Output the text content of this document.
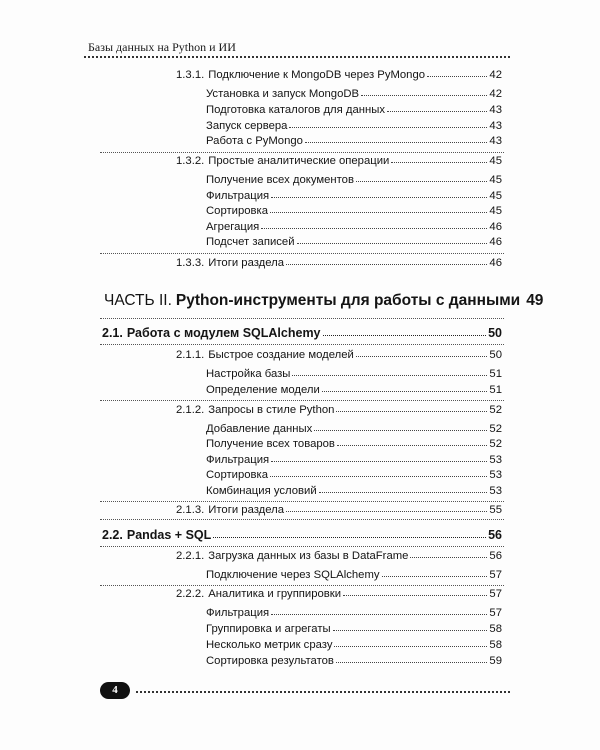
Базы данных на Python и ИИ
1.3.1. Подключение к MongoDB через PyMongo	42
Установка и запуск MongoDB	42
Подготовка каталогов для данных	43
Запуск сервера	43
Работа с PyMongo	43
1.3.2. Простые аналитические операции	45
Получение всех документов	45
Фильтрация	45
Сортировка	45
Агрегация	46
Подсчет записей	46
1.3.3. Итоги раздела	46
ЧАСТЬ II. Python-инструменты для работы с данными 49
2.1. Работа с модулем SQLAlchemy	50
2.1.1. Быстрое создание моделей	50
Настройка базы	51
Определение модели	51
2.1.2. Запросы в стиле Python	52
Добавление данных	52
Получение всех товаров	52
Фильтрация	53
Сортировка	53
Комбинация условий	53
2.1.3. Итоги раздела	55
2.2. Pandas + SQL	56
2.2.1. Загрузка данных из базы в DataFrame	56
Подключение через SQLAlchemy	57
2.2.2. Аналитика и группировки	57
Фильтрация	57
Группировка и агрегаты	58
Несколько метрик сразу	58
Сортировка результатов	59
4
